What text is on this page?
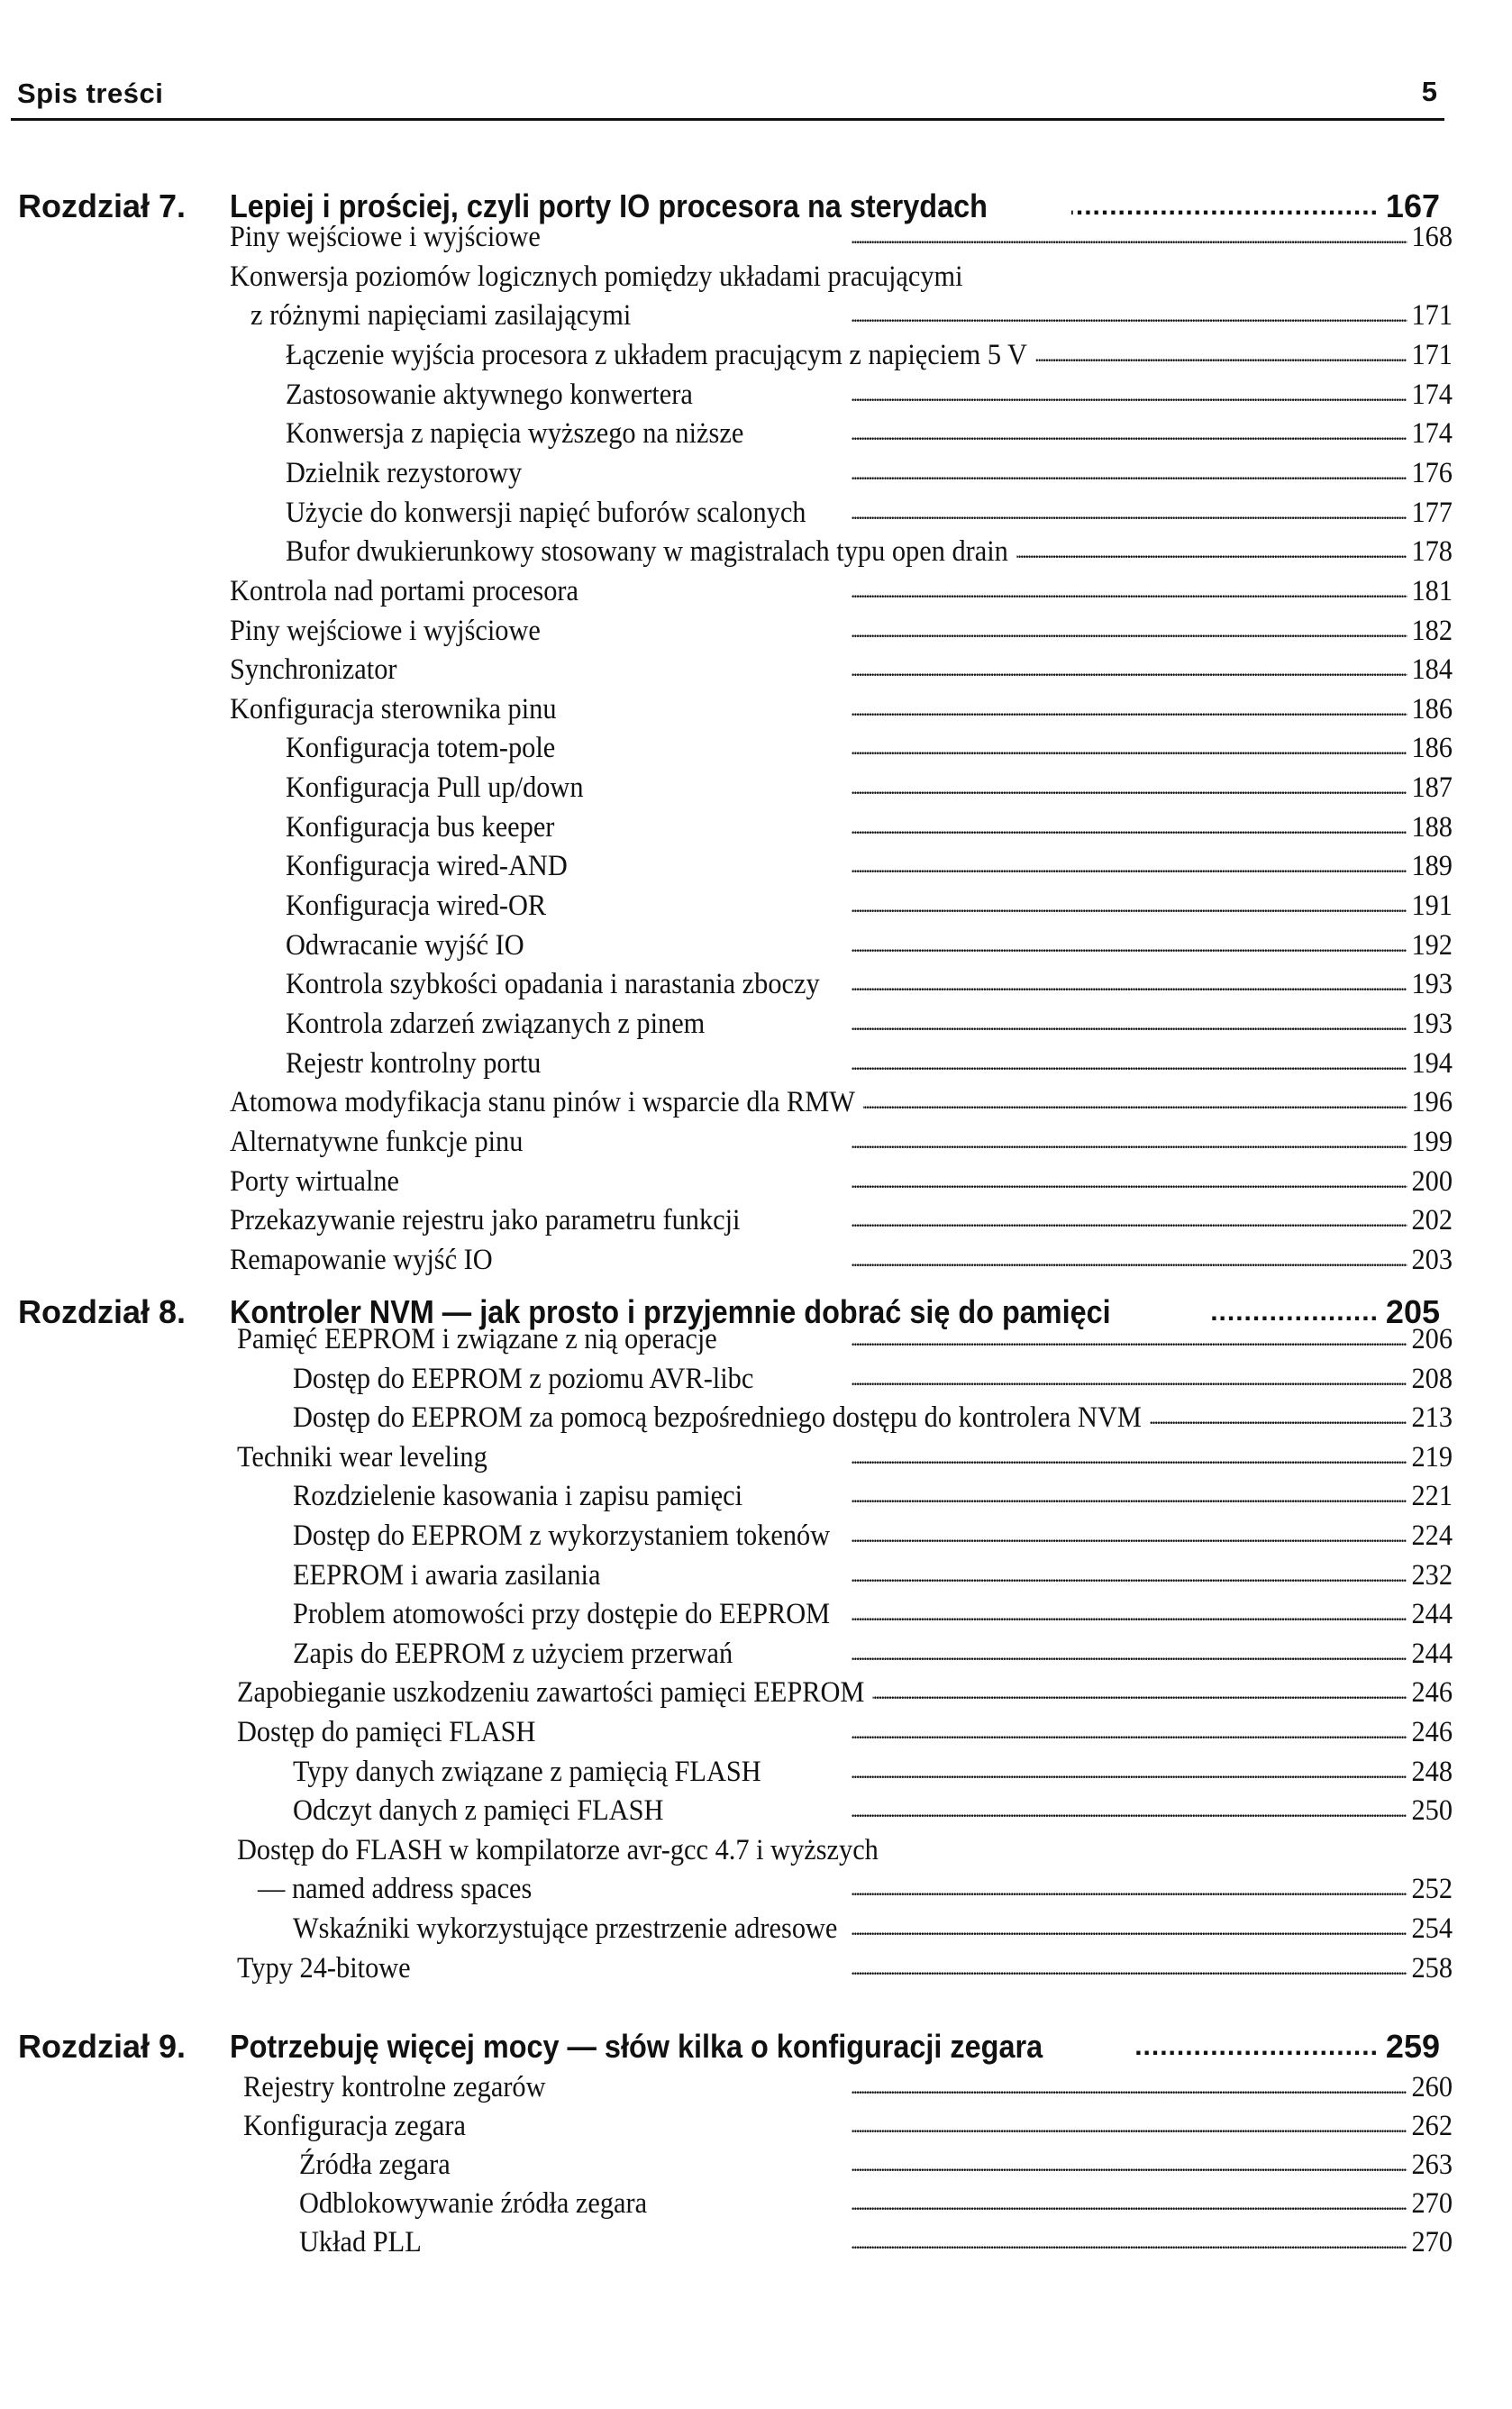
Spis treści	5
Rozdział 7. Lepiej i prościej, czyli porty IO procesora na sterydach .....	167
Piny wejściowe i wyjściowe . . .	168
Konwersja poziomów logicznych pomiędzy układami pracującymi
z różnymi napięciami zasilającymi . . .	171
Łączenie wyjścia procesora z układem pracującym z napięciem 5 V . . .	171
Zastosowanie aktywnego konwertera . . .	174
Konwersja z napięcia wyższego na niższe . . .	174
Dzielnik rezystorowy . . .	176
Użycie do konwersji napięć buforów scalonych . . .	177
Bufor dwukierunkowy stosowany w magistralach typu open drain . . .	178
Kontrola nad portami procesora . . .	181
Piny wejściowe i wyjściowe . . .	182
Synchronizator . . .	184
Konfiguracja sterownika pinu . . .	186
Konfiguracja totem-pole . . .	186
Konfiguracja Pull up/down . . .	187
Konfiguracja bus keeper . . .	188
Konfiguracja wired-AND . . .	189
Konfiguracja wired-OR . . .	191
Odwracanie wyjść IO . . .	192
Kontrola szybkości opadania i narastania zboczy . . .	193
Kontrola zdarzeń związanych z pinem . . .	193
Rejestr kontrolny portu . . .	194
Atomowa modyfikacja stanu pinów i wsparcie dla RMW . . .	196
Alternatywne funkcje pinu . . .	199
Porty wirtualne . . .	200
Przekazywanie rejestru jako parametru funkcji . . .	202
Remapowanie wyjść IO . . .	203
Rozdział 8. Kontroler NVM — jak prosto i przyjemnie dobrać się do pamięci .....	205
Pamięć EEPROM i związane z nią operacje . . .	206
Dostęp do EEPROM z poziomu AVR-libc . . .	208
Dostęp do EEPROM za pomocą bezpośredniego dostępu do kontrolera NVM . . .	213
Techniki wear leveling . . .	219
Rozdzielenie kasowania i zapisu pamięci . . .	221
Dostęp do EEPROM z wykorzystaniem tokenów . . .	224
EEPROM i awaria zasilania . . .	232
Problem atomowości przy dostępie do EEPROM . . .	244
Zapis do EEPROM z użyciem przerwań . . .	244
Zapobieganie uszkodzeniu zawartości pamięci EEPROM . . .	246
Dostęp do pamięci FLASH . . .	246
Typy danych związane z pamięcią FLASH . . .	248
Odczyt danych z pamięci FLASH . . .	250
Dostęp do FLASH w kompilatorze avr-gcc 4.7 i wyższych
— named address spaces . . .	252
Wskaźniki wykorzystujące przestrzenie adresowe . . .	254
Typy 24-bitowe . . .	258
Rozdział 9. Potrzebuję więcej mocy — słów kilka o konfiguracji zegara .....	259
Rejestry kontrolne zegarów . . .	260
Konfiguracja zegara . . .	262
Źródła zegara . . .	263
Odblokowywanie źródła zegara . . .	270
Układ PLL . . .	270
